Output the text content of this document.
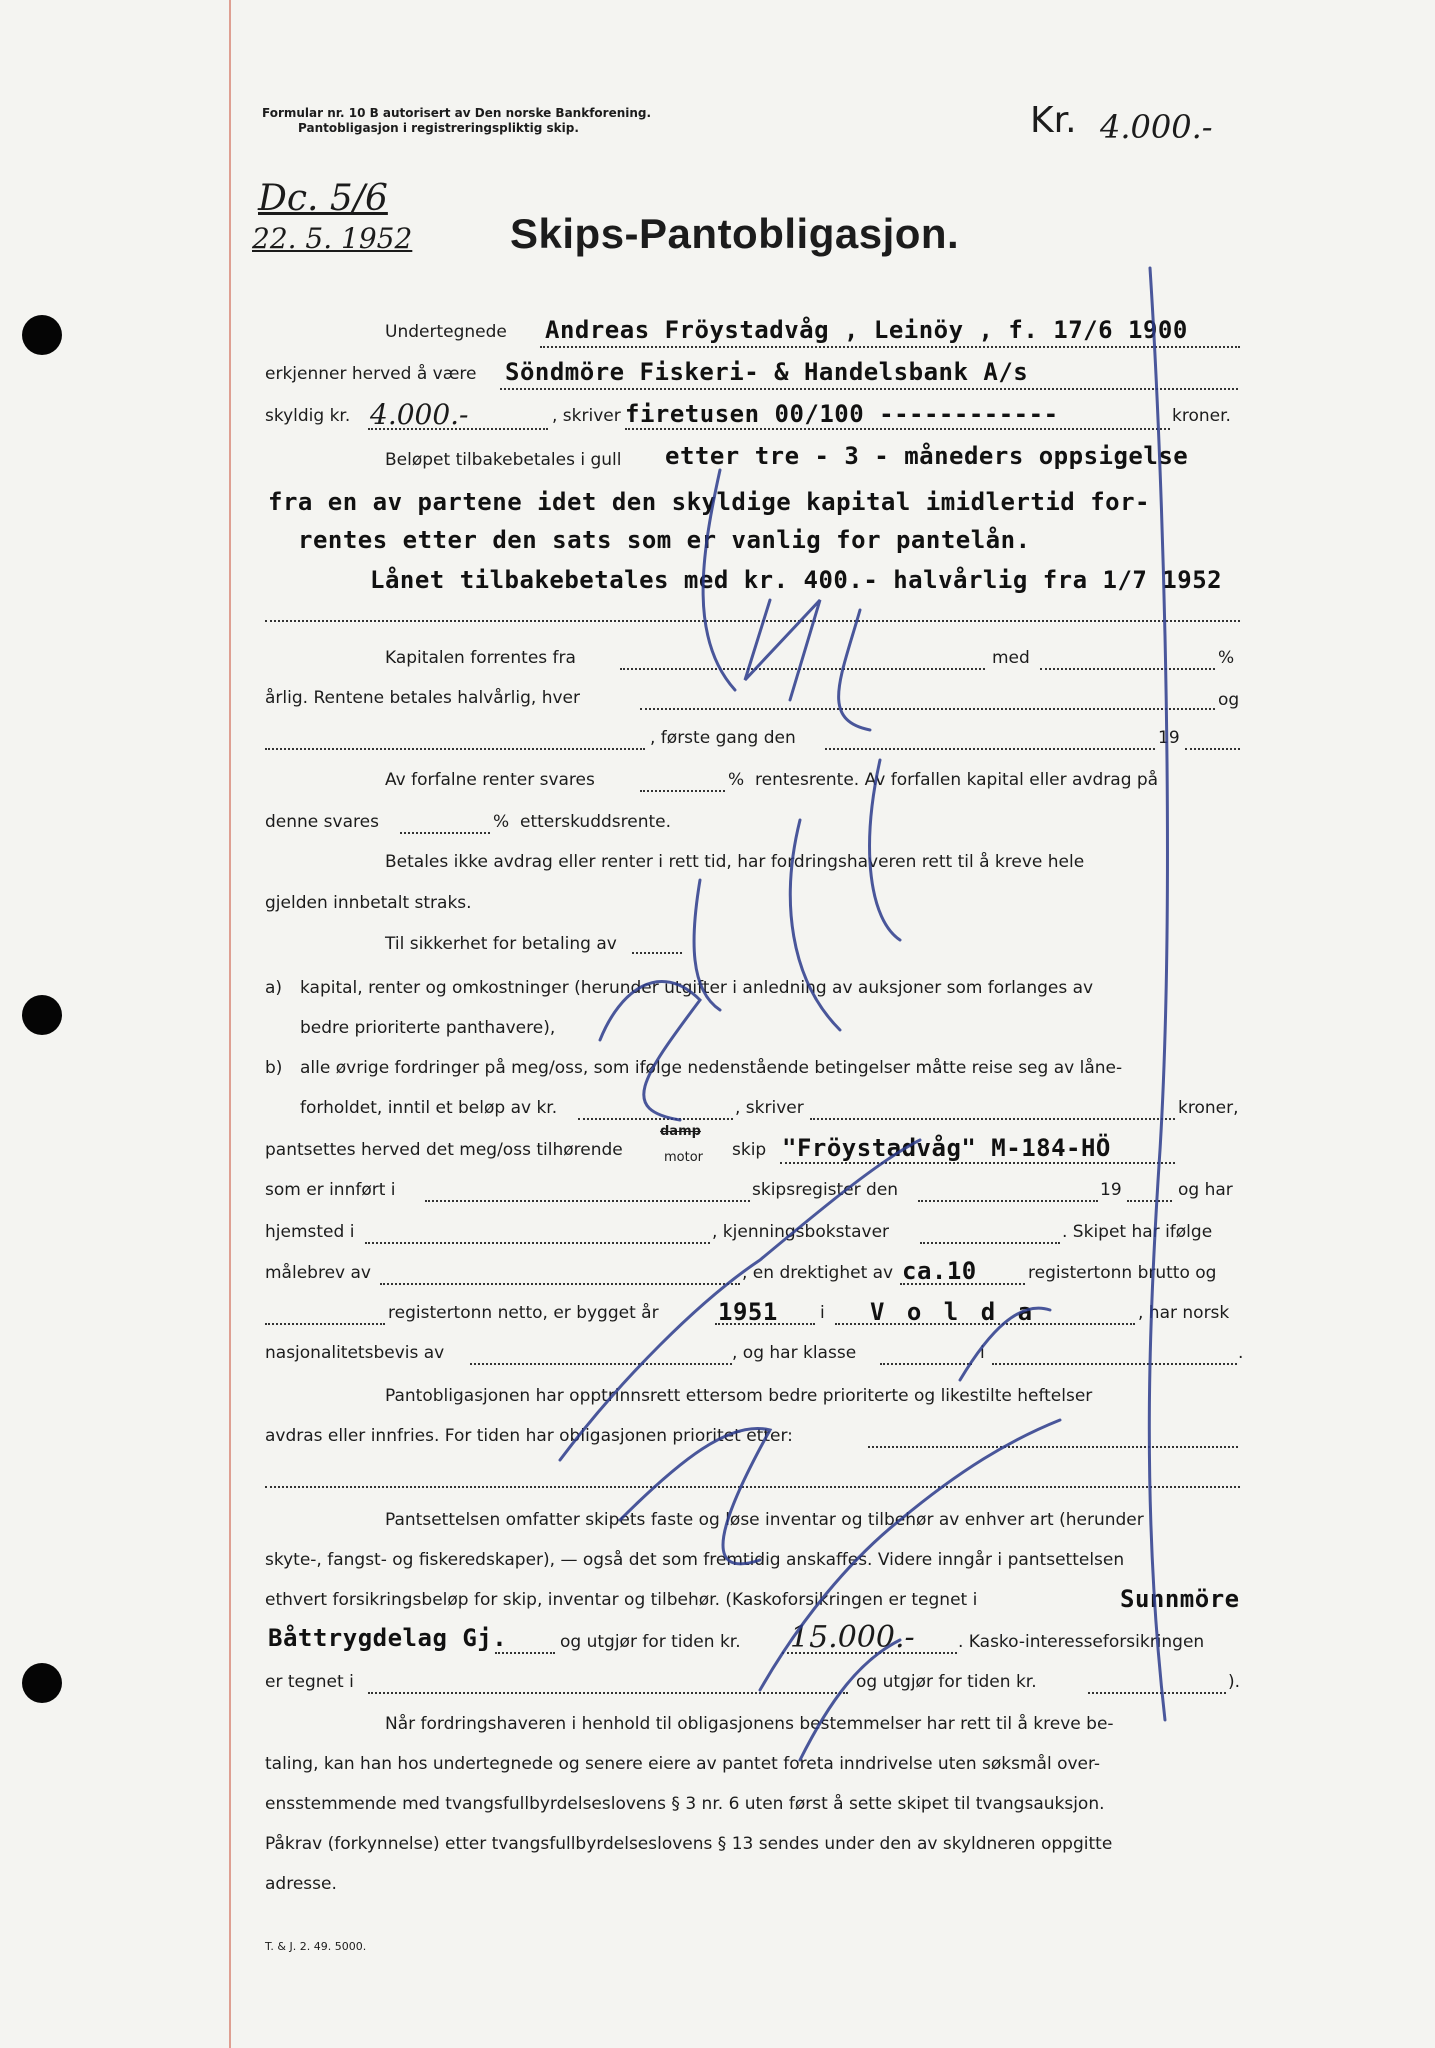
Formular nr. 10 B autorisert av Den norske Bankforening.
Pantobligasjon i registreringspliktig skip.	Kr. 4.000.-
Dc. 5/6
22. 5. 1952 Skips-Pantobligasjon.
Undertegnede Andreas Fröystadvåg , Leinöy , f. 17/6 1900
erkjenner herved å være Söndmöre Fiskeri- & Handelsbank A/s
skyldig kr. 4.000.-	, skriver firetusen 00/100 ------------	kroner.
Beløpet tilbakebetales i gull etter tre - 3 - måneders oppsigelse
fra en av partene idet den skyldige kapital imidlertid for-
rentes etter den sats som er vanlig for pantelån.
Lånet tilbakebetales med kr. 400.- halvårlig fra 1/7 1952
Kapitalen forrentes fra	med	%
årlig. Rentene betales halvårlig, hver	og
, første gang den	19
Av forfalne renter svares	% rentesrente. Av forfallen kapital eller avdrag på
denne svares	% etterskuddsrente.
Betales ikke avdrag eller renter i rett tid, har fordringshaveren rett til å kreve hele
gjelden innbetalt straks.
Til sikkerhet for betaling av
a) kapital, renter og omkostninger (herunder utgifter i anledning av auksjoner som forlanges av
bedre prioriterte panthavere),
b) alle øvrige fordringer på meg/oss, som ifølge nedenstående betingelser måtte reise seg av låne-
forholdet, inntil et beløp av kr.	, skriver	kroner,
pantsettes herved det meg/oss tilhørende
damp
motor skip "Fröystadvåg" M-184-HÖ
som er innført i	skipsregister den	19	og har
hjemsted i	, kjenningsbokstaver	. Skipet har ifølge
målebrev av	, en drektighet av ca.10	registertonn brutto og
registertonn netto, er bygget år 1951 i V o l d a	, har norsk
nasjonalitetsbevis av	, og har klasse	i	.
Pantobligasjonen har opptrinnsrett ettersom bedre prioriterte og likestilte heftelser
avdras eller innfries. For tiden har obligasjonen prioritet etter:
Pantsettelsen omfatter skipets faste og løse inventar og tilbehør av enhver art (herunder
skyte-, fangst- og fiskeredskaper), — også det som fremtidig anskaffes. Videre inngår i pantsettelsen
ethvert forsikringsbeløp for skip, inventar og tilbehør. (Kaskoforsikringen er tegnet i	Sunnmöre
Båttrygdelag Gj.	og utgjør for tiden kr. 15.000.-	. Kasko-interesseforsikringen
er tegnet i	og utgjør for tiden kr.	).
Når fordringshaveren i henhold til obligasjonens bestemmelser har rett til å kreve be-
taling, kan han hos undertegnede og senere eiere av pantet foreta inndrivelse uten søksmål over-
ensstemmende med tvangsfullbyrdelseslovens § 3 nr. 6 uten først å sette skipet til tvangsauksjon.
Påkrav (forkynnelse) etter tvangsfullbyrdelseslovens § 13 sendes under den av skyldneren oppgitte
adresse.
T. & J. 2. 49. 5000.
